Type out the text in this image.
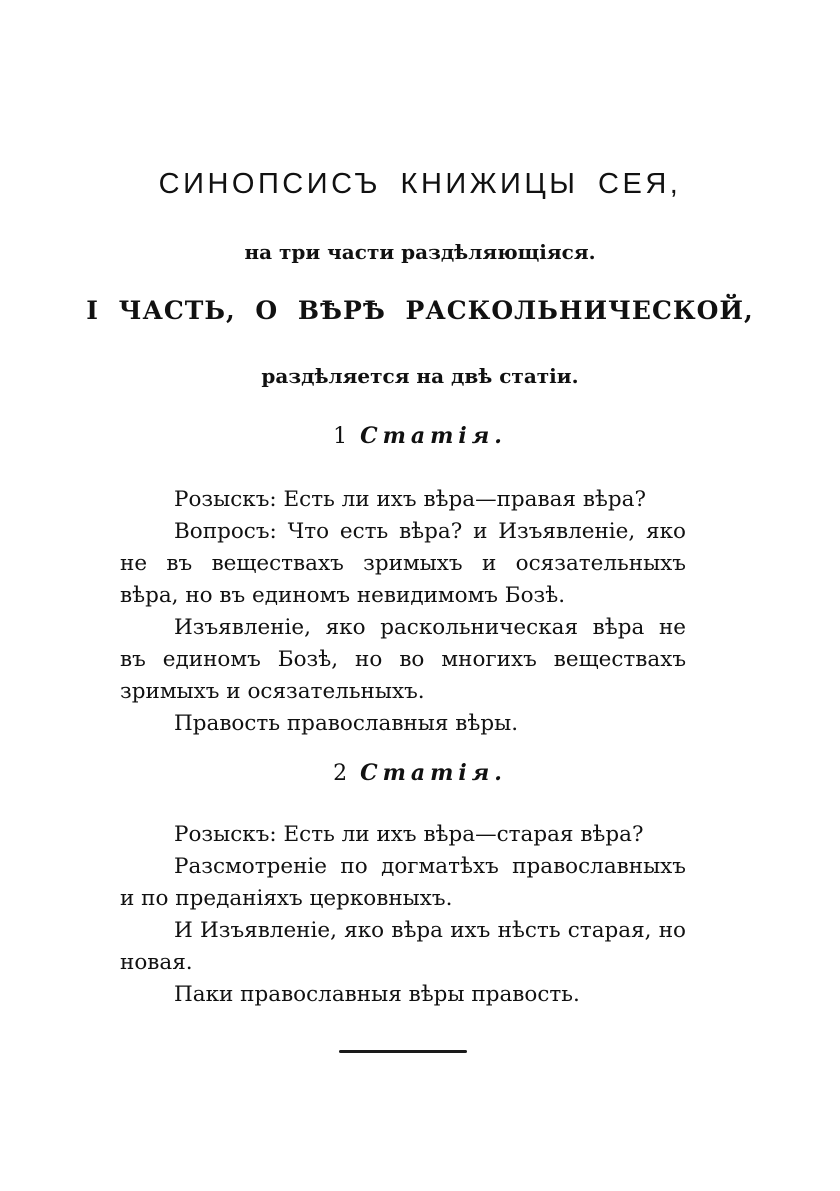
СИНОПСИСЪ КНИЖИЦЫ СЕЯ,
на три части раздѣляющіяся.
I ЧАСТЬ, О ВѢРѢ РАСКОЛЬНИЧЕСКОЙ,
раздѣляется на двѣ статіи.
1 Статія.

Розыскъ: Есть ли ихъ вѣра—правая вѣра?

Вопросъ: Что есть вѣра? и Изъявленіе, яко не въ веществахъ зримыхъ и осязательныхъ вѣра, но въ единомъ невидимомъ Бозѣ.

Изъявленіе, яко раскольническая вѣра не въ единомъ Бозѣ, но во многихъ веществахъ зримыхъ и осязательныхъ.

Правость православныя вѣры.

2 Статія.

Розыскъ: Есть ли ихъ вѣра—старая вѣра?

Разсмотреніе по догматѣхъ православныхъ и по преданіяхъ церковныхъ.

И Изъявленіе, яко вѣра ихъ нѣсть старая, но новая.

Паки православныя вѣры правость.
